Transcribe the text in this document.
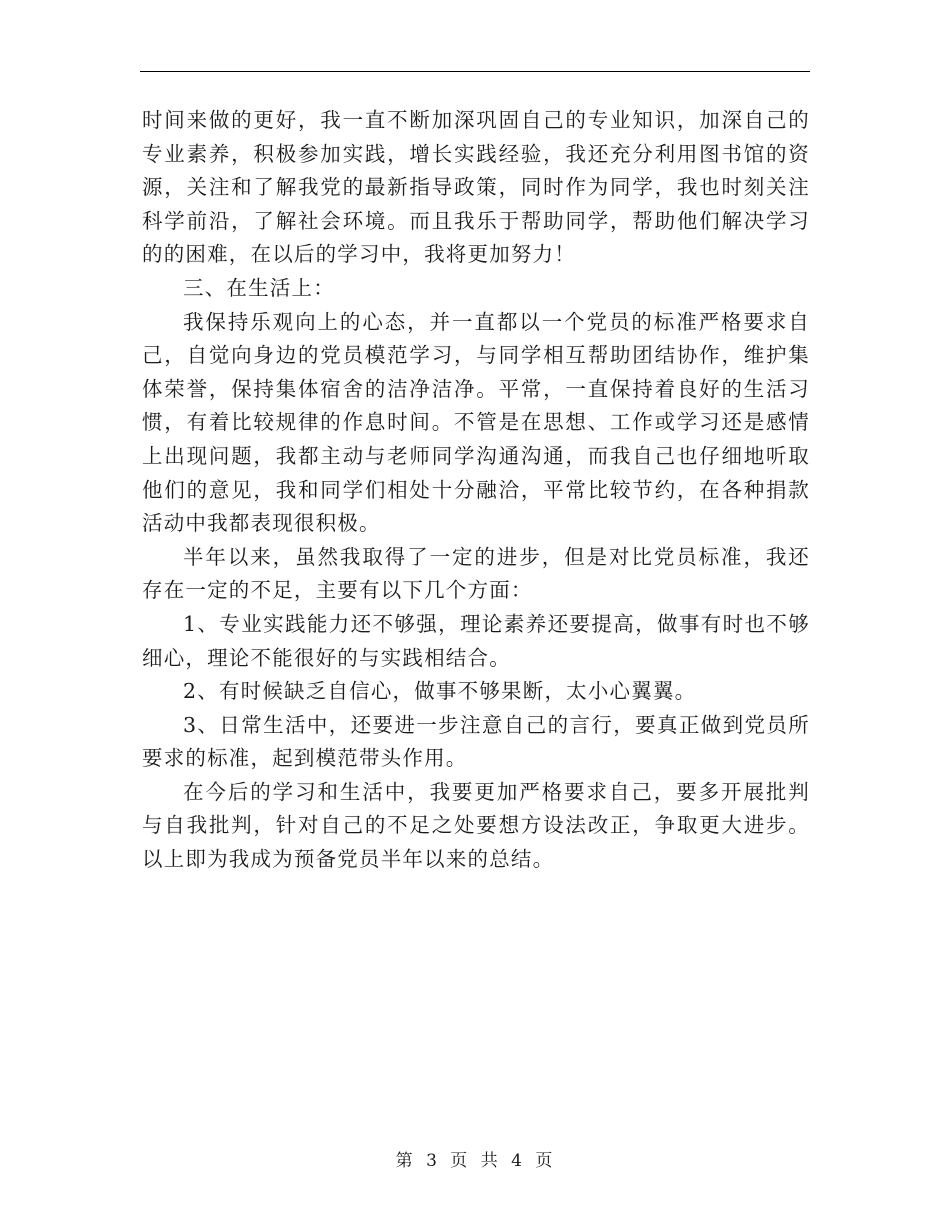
时间来做的更好，我一直不断加深巩固自己的专业知识，加深自己的专业素养，积极参加实践，增长实践经验，我还充分利用图书馆的资源，关注和了解我党的最新指导政策，同时作为同学，我也时刻关注科学前沿，了解社会环境。而且我乐于帮助同学，帮助他们解决学习的的困难，在以后的学习中，我将更加努力！

三、在生活上：

我保持乐观向上的心态，并一直都以一个党员的标准严格要求自己，自觉向身边的党员模范学习，与同学相互帮助团结协作，维护集体荣誉，保持集体宿舍的洁净洁净。平常，一直保持着良好的生活习惯，有着比较规律的作息时间。不管是在思想、工作或学习还是感情上出现问题，我都主动与老师同学沟通沟通，而我自己也仔细地听取他们的意见，我和同学们相处十分融洽，平常比较节约，在各种捐款活动中我都表现很积极。

半年以来，虽然我取得了一定的进步，但是对比党员标准，我还存在一定的不足，主要有以下几个方面：

1、专业实践能力还不够强，理论素养还要提高，做事有时也不够细心，理论不能很好的与实践相结合。

2、有时候缺乏自信心，做事不够果断，太小心翼翼。

3、日常生活中，还要进一步注意自己的言行，要真正做到党员所要求的标准，起到模范带头作用。

在今后的学习和生活中，我要更加严格要求自己，要多开展批判与自我批判，针对自己的不足之处要想方设法改正，争取更大进步。以上即为我成为预备党员半年以来的总结。

第 3 页 共 4 页
